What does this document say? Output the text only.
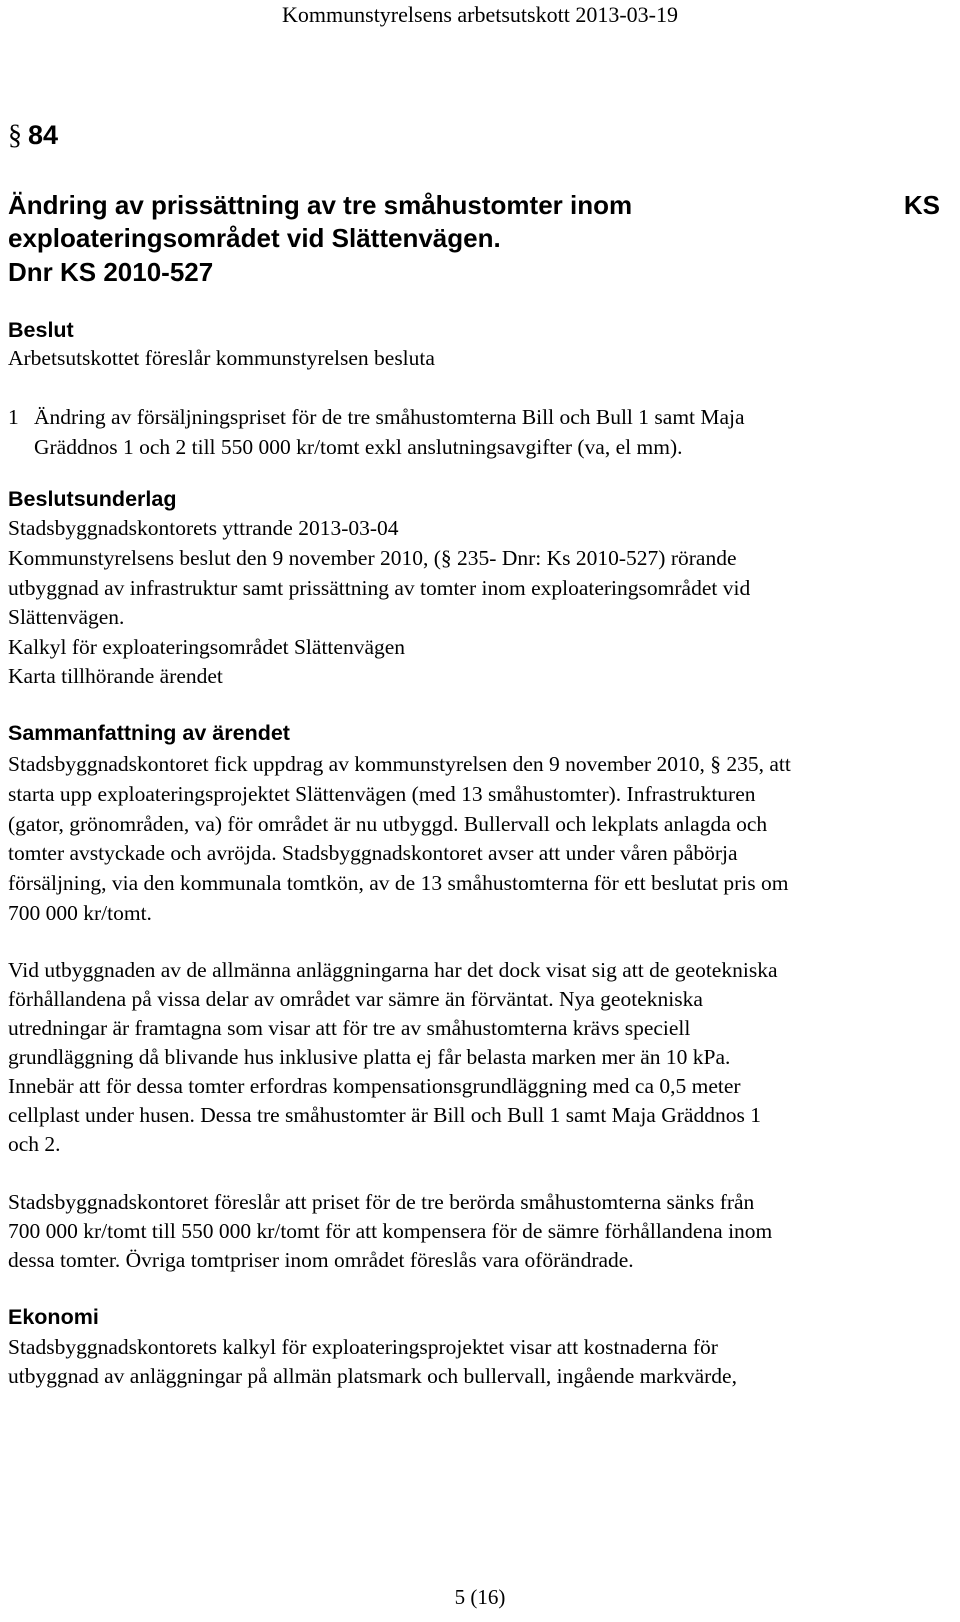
Kommunstyrelsens arbetsutskott 2013-03-19
§ 84
Ändring av prissättning av tre småhustomter inom
exploateringsområdet vid Slättenvägen.
Dnr KS 2010-527
KS
Beslut
Arbetsutskottet föreslår kommunstyrelsen besluta
1 Ändring av försäljningspriset för de tre småhustomterna Bill och Bull 1 samt Maja
Gräddnos 1 och 2 till 550 000 kr/tomt exkl anslutningsavgifter (va, el mm).
Beslutsunderlag
Stadsbyggnadskontorets yttrande 2013-03-04
Kommunstyrelsens beslut den 9 november 2010, (§ 235- Dnr: Ks 2010-527) rörande
utbyggnad av infrastruktur samt prissättning av tomter inom exploateringsområdet vid
Slättenvägen.
Kalkyl för exploateringsområdet Slättenvägen
Karta tillhörande ärendet
Sammanfattning av ärendet
Stadsbyggnadskontoret fick uppdrag av kommunstyrelsen den 9 november 2010, § 235, att
starta upp exploateringsprojektet Slättenvägen (med 13 småhustomter). Infrastrukturen
(gator, grönområden, va) för området är nu utbyggd. Bullervall och lekplats anlagda och
tomter avstyckade och avröjda. Stadsbyggnadskontoret avser att under våren påbörja
försäljning, via den kommunala tomtkön, av de 13 småhustomterna för ett beslutat pris om
700 000 kr/tomt.
Vid utbyggnaden av de allmänna anläggningarna har det dock visat sig att de geotekniska
förhållandena på vissa delar av området var sämre än förväntat. Nya geotekniska
utredningar är framtagna som visar att för tre av småhustomterna krävs speciell
grundläggning då blivande hus inklusive platta ej får belasta marken mer än 10 kPa.
Innebär att för dessa tomter erfordras kompensationsgrundläggning med ca 0,5 meter
cellplast under husen. Dessa tre småhustomter är Bill och Bull 1 samt Maja Gräddnos 1
och 2.
Stadsbyggnadskontoret föreslår att priset för de tre berörda småhustomterna sänks från
700 000 kr/tomt till 550 000 kr/tomt för att kompensera för de sämre förhållandena inom
dessa tomter. Övriga tomtpriser inom området föreslås vara oförändrade.
Ekonomi
Stadsbyggnadskontorets kalkyl för exploateringsprojektet visar att kostnaderna för
utbyggnad av anläggningar på allmän platsmark och bullervall, ingående markvärde,
5 (16)
